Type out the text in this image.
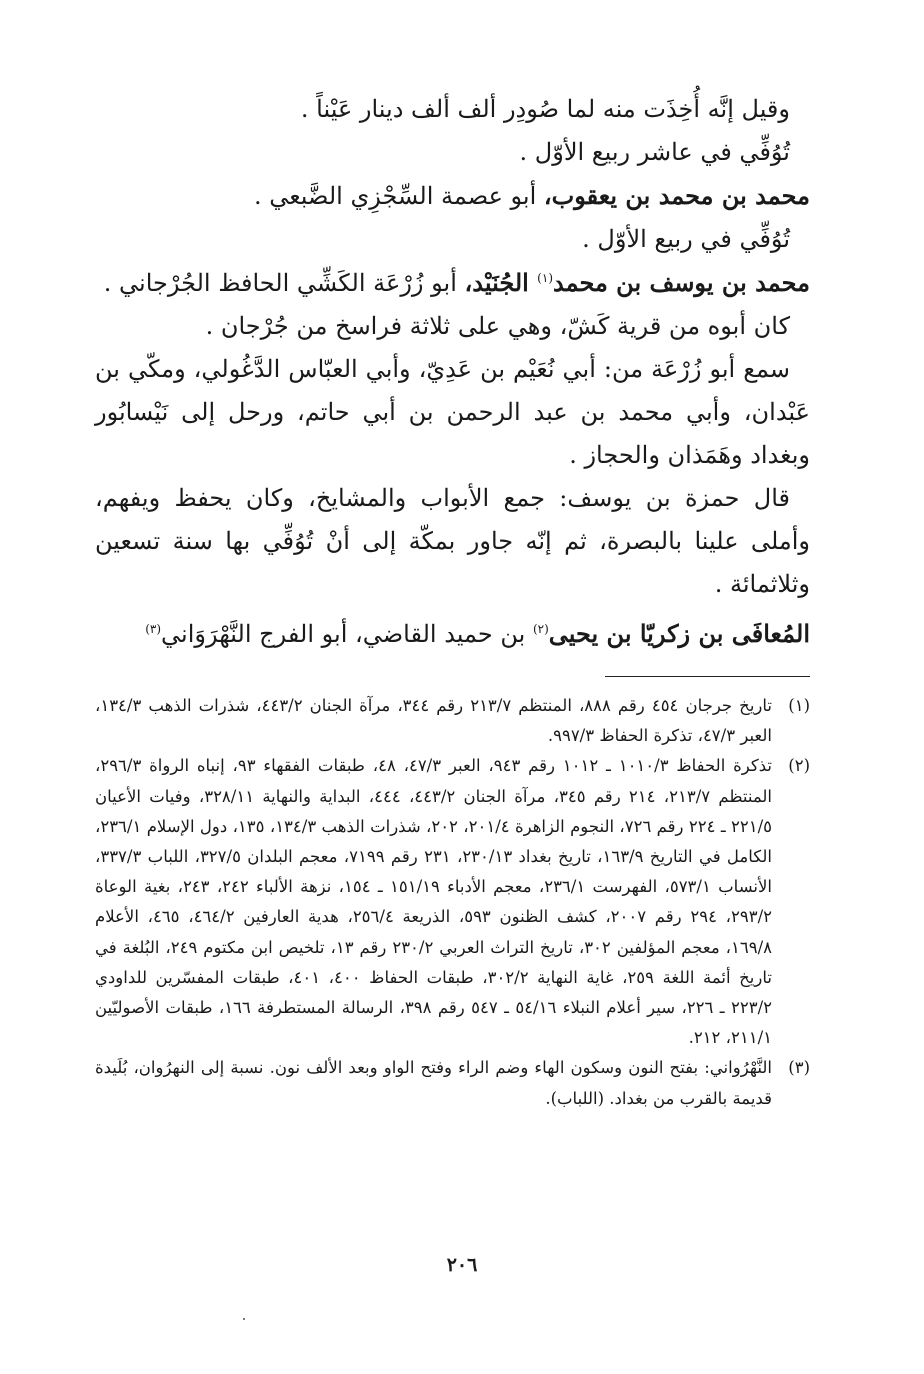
وقيل إنَّه أُخِذَت منه لما صُودِر ألف ألف دينار عَيْناً .

تُوُفِّي في عاشر ربيع الأوّل .

محمد بن محمد بن يعقوب، أبو عصمة السِّجْزِي الضَّبعي .

تُوُفِّي في ربيع الأوّل .

محمد بن يوسف بن محمد$^{(١)}$ الجُنَيْد، أبو زُرْعَة الكَشِّي الحافظ الجُرْجاني .

كان أبوه من قرية كَشّ، وهي على ثلاثة فراسخ من جُرْجان .

سمع أبو زُرْعَة من: أبي نُعَيْم بن عَدِيّ، وأبي العبّاس الدَّغُولي، ومكّي بن عَبْدان، وأبي محمد بن عبد الرحمن بن أبي حاتم، ورحل إلى نَيْسابُور وبغداد وهَمَذان والحجاز .

قال حمزة بن يوسف: جمع الأبواب والمشايخ، وكان يحفظ ويفهم، وأملى علينا بالبصرة، ثم إنّه جاور بمكّة إلى أنْ تُوُفِّي بها سنة تسعين وثلاثمائة .

المُعافَى بن زكريّا بن يحيى$^{(٢)}$ بن حميد القاضي، أبو الفرج النَّهْرَوَاني$^{(٣)}$

(١)
تاريخ جرجان ٤٥٤ رقم ٨٨٨، المنتظم ٢١٣/٧ رقم ٣٤٤، مرآة الجنان ٤٤٣/٢، شذرات الذهب ١٣٤/٣، العبر ٤٧/٣، تذكرة الحفاظ ٩٩٧/٣.
(٢)
تذكرة الحفاظ ١٠١٠/٣ ـ ١٠١٢ رقم ٩٤٣، العبر ٤٧/٣، ٤٨، طبقات الفقهاء ٩٣، إنباه الرواة ٢٩٦/٣، المنتظم ٢١٣/٧، ٢١٤ رقم ٣٤٥، مرآة الجنان ٤٤٣/٢، ٤٤٤، البداية والنهاية ٣٢٨/١١، وفيات الأعيان ٢٢١/٥ ـ ٢٢٤ رقم ٧٢٦، النجوم الزاهرة ٢٠١/٤، ٢٠٢، شذرات الذهب ١٣٤/٣، ١٣٥، دول الإسلام ٢٣٦/١، الكامل في التاريخ ١٦٣/٩، تاريخ بغداد ٢٣٠/١٣، ٢٣١ رقم ٧١٩٩، معجم البلدان ٣٢٧/٥، اللباب ٣٣٧/٣، الأنساب ٥٧٣/١، الفهرست ٢٣٦/١، معجم الأدباء ١٥١/١٩ ـ ١٥٤، نزهة الألباء ٢٤٢، ٢٤٣، بغية الوعاة ٢٩٣/٢، ٢٩٤ رقم ٢٠٠٧، كشف الظنون ٥٩٣، الذريعة ٢٥٦/٤، هدية العارفين ٤٦٤/٢، ٤٦٥، الأعلام ١٦٩/٨، معجم المؤلفين ٣٠٢، تاريخ التراث العربي ٢٣٠/٢ رقم ١٣، تلخيص ابن مكتوم ٢٤٩، البُلغة في تاريخ أئمة اللغة ٢٥٩، غاية النهاية ٣٠٢/٢، طبقات الحفاظ ٤٠٠، ٤٠١، طبقات المفسّرين للداودي ٢٢٣/٢ ـ ٢٢٦، سير أعلام النبلاء ٥٤/١٦ ـ ٥٤٧ رقم ٣٩٨، الرسالة المستطرفة ١٦٦، طبقات الأصوليّين ٢١١/١، ٢١٢.
(٣)
النَّهْرُواني: بفتح النون وسكون الهاء وضم الراء وفتح الواو وبعد الألف نون. نسبة إلى النهرُوان، بُلَيدة قديمة بالقرب من بغداد. (اللباب).
٢٠٦
